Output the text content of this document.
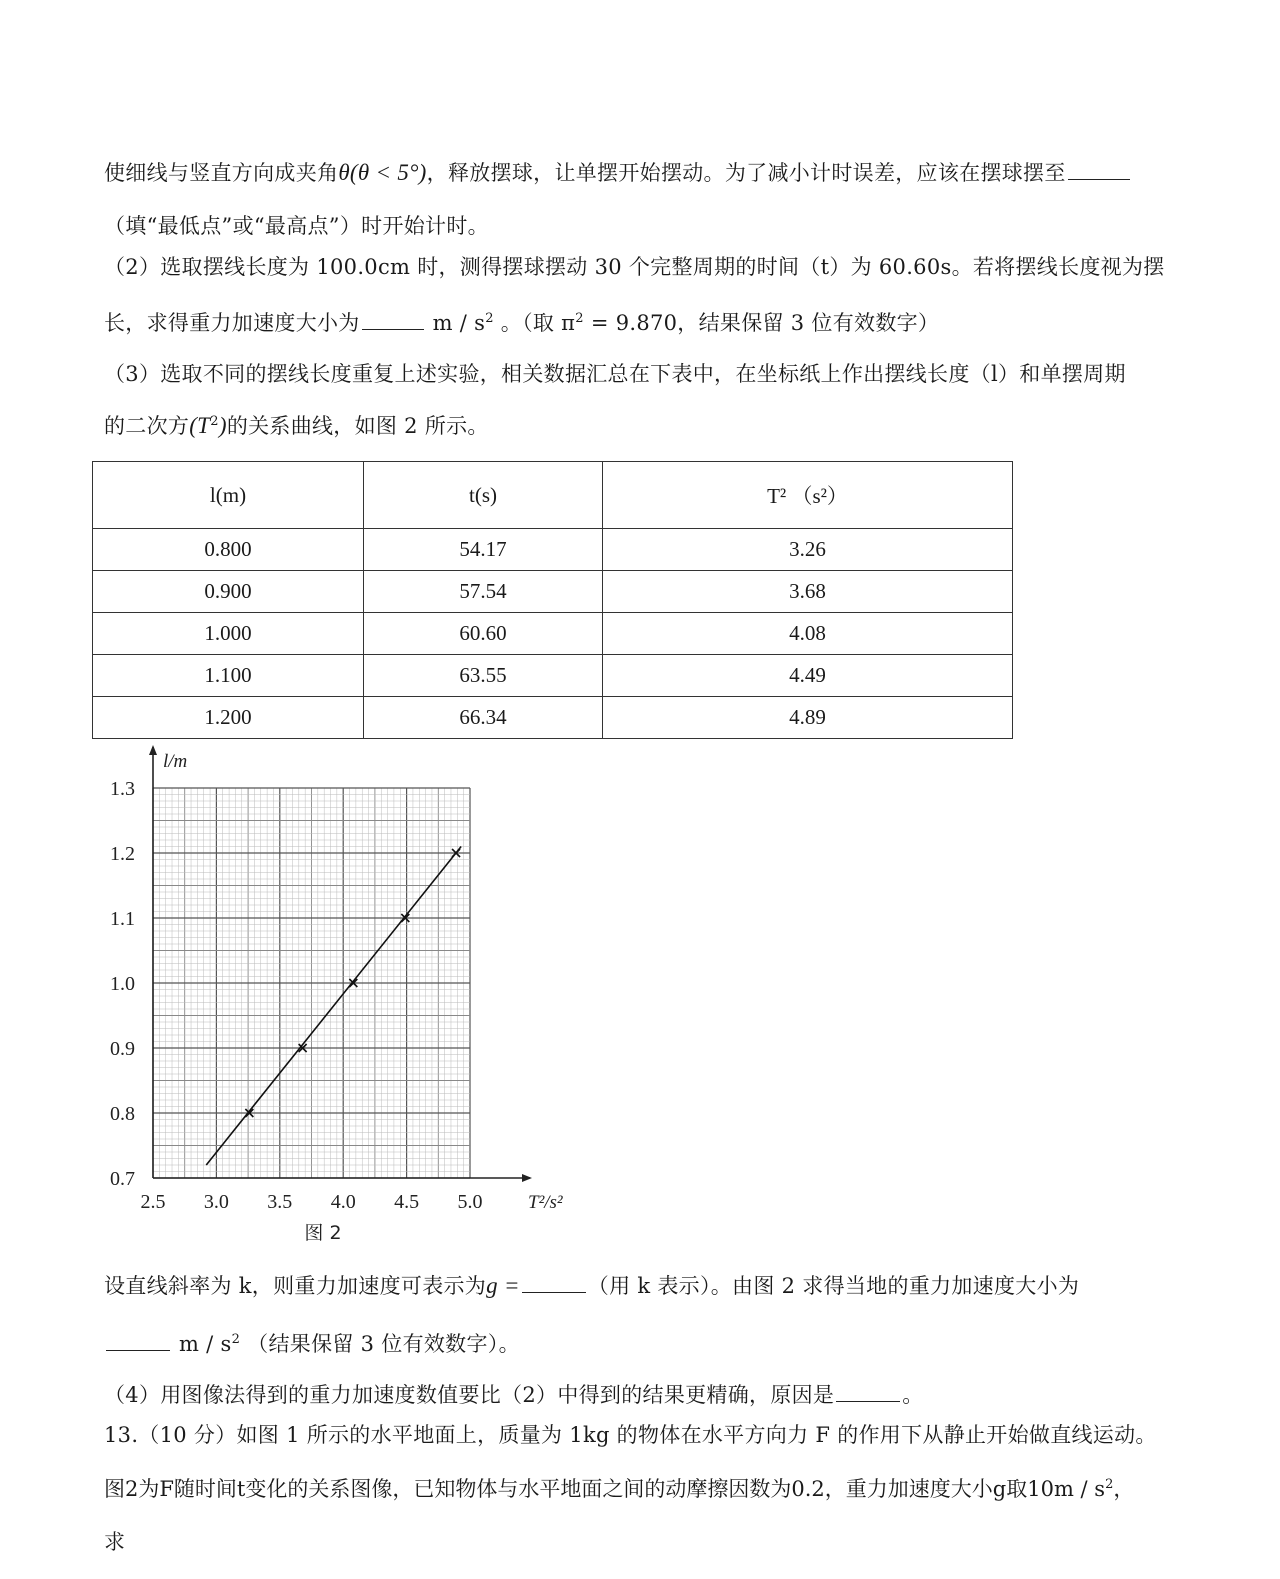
使细线与竖直方向成夹角θ(θ < 5°)，释放摆球，让单摆开始摆动。为了减小计时误差，应该在摆球摆至
（填“最低点”或“最高点”）时开始计时。
（2）选取摆线长度为 100.0cm 时，测得摆球摆动 30 个完整周期的时间（t）为 60.60s。若将摆线长度视为摆
长，求得重力加速度大小为	m / $s^2$ 。（取 $\pi^2 = 9.870$，结果保留 3 位有效数字）
（3）选取不同的摆线长度重复上述实验，相关数据汇总在下表中，在坐标纸上作出摆线长度（l）和单摆周期
的二次方$(T^2)$的关系曲线，如图 2 所示。
l(m)	t(s)	T² （s²）
0.800	54.17	3.26
0.900	57.54	3.68
1.000	60.60	4.08
1.100	63.55	4.49
1.200	66.34	4.89
2.5 3.0 3.5 4.0 4.5 5.0
0.7
0.8
0.9
1.0
1.1
1.2
1.3
T²/s²
l/m
图 2
设直线斜率为 k，则重力加速度可表示为g =	（用 k 表示）。由图 2 求得当地的重力加速度大小为
m / $s^2$ （结果保留 3 位有效数字）。
（4）用图像法得到的重力加速度数值要比（2）中得到的结果更精确，原因是	。
13.（10 分）如图 1 所示的水平地面上，质量为 1kg 的物体在水平方向力 F 的作用下从静止开始做直线运动。
图2为F随时间t变化的关系图像，已知物体与水平地面之间的动摩擦因数为0.2，重力加速度大小g取$10m / s^2$，
求
